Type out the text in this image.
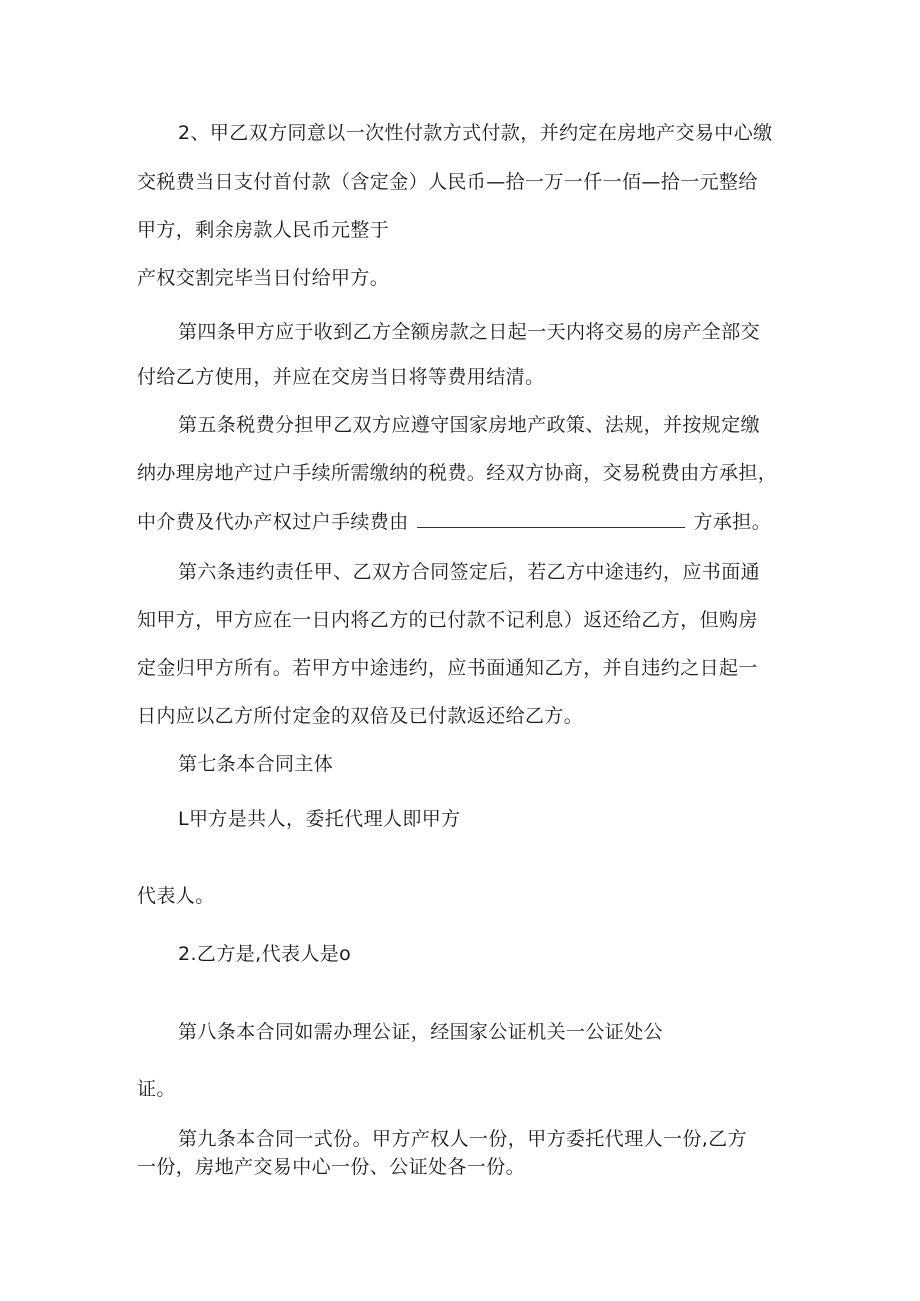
2、甲乙双方同意以一次性付款方式付款，并约定在房地产交易中心缴
交税费当日支付首付款（含定金）人民币—拾一万一仟一佰—拾一元整给
甲方，剩余房款人民币元整于
产权交割完毕当日付给甲方。
第四条甲方应于收到乙方全额房款之日起一天内将交易的房产全部交
付给乙方使用，并应在交房当日将等费用结清。
第五条税费分担甲乙双方应遵守国家房地产政策、法规，并按规定缴
纳办理房地产过户手续所需缴纳的税费。经双方协商，交易税费由方承担，
中介费及代办产权过户手续费由	方承担。
第六条违约责任甲、乙双方合同签定后，若乙方中途违约，应书面通
知甲方，甲方应在一日内将乙方的已付款不记利息）返还给乙方，但购房
定金归甲方所有。若甲方中途违约，应书面通知乙方，并自违约之日起一
日内应以乙方所付定金的双倍及已付款返还给乙方。
第七条本合同主体
L甲方是共人，委托代理人即甲方
代表人。
2.乙方是,代表人是o
第八条本合同如需办理公证，经国家公证机关一公证处公
证。
第九条本合同一式份。甲方产权人一份，甲方委托代理人一份,乙方
一份，房地产交易中心一份、公证处各一份。
